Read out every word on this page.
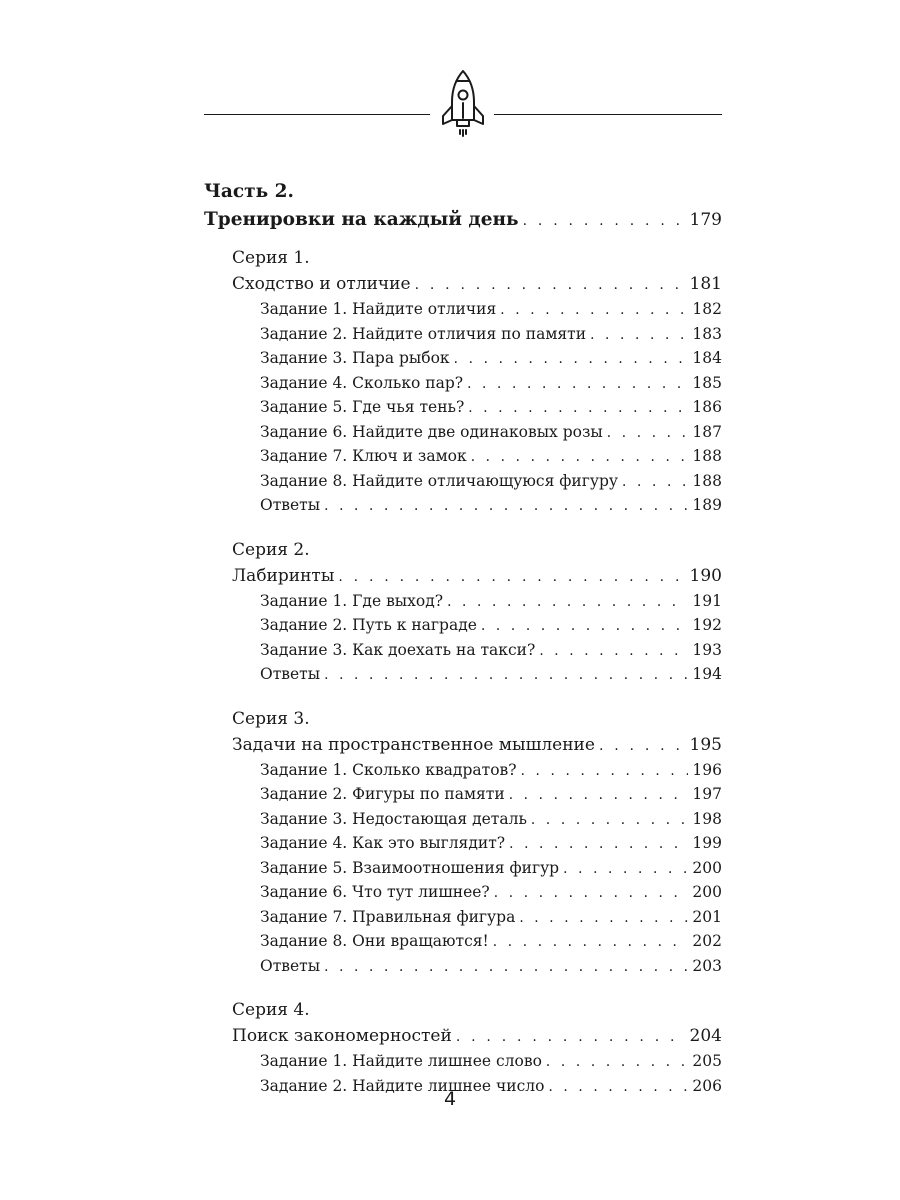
Часть 2.
Тренировки на каждый день . . .	179
Серия 1.
Сходство и отличие . . .	181
Задание 1. Найдите отличия . . .	182
Задание 2. Найдите отличия по памяти . . .	183
Задание 3. Пара рыбок . . .	184
Задание 4. Сколько пар? . . .	185
Задание 5. Где чья тень? . . .	186
Задание 6. Найдите две одинаковых розы . . .	187
Задание 7. Ключ и замок . . .	188
Задание 8. Найдите отличающуюся фигуру . . .	188
Ответы . . .	189
Серия 2.
Лабиринты . . .	190
Задание 1. Где выход? . . .	191
Задание 2. Путь к награде . . .	192
Задание 3. Как доехать на такси? . . .	193
Ответы . . .	194
Серия 3.
Задачи на пространственное мышление . . .	195
Задание 1. Сколько квадратов? . . .	196
Задание 2. Фигуры по памяти . . .	197
Задание 3. Недостающая деталь . . .	198
Задание 4. Как это выглядит? . . .	199
Задание 5. Взаимоотношения фигур . . .	200
Задание 6. Что тут лишнее? . . .	200
Задание 7. Правильная фигура . . .	201
Задание 8. Они вращаются! . . .	202
Ответы . . .	203
Серия 4.
Поиск закономерностей . . .	204
Задание 1. Найдите лишнее слово . . .	205
Задание 2. Найдите лишнее число . . .	206
4
